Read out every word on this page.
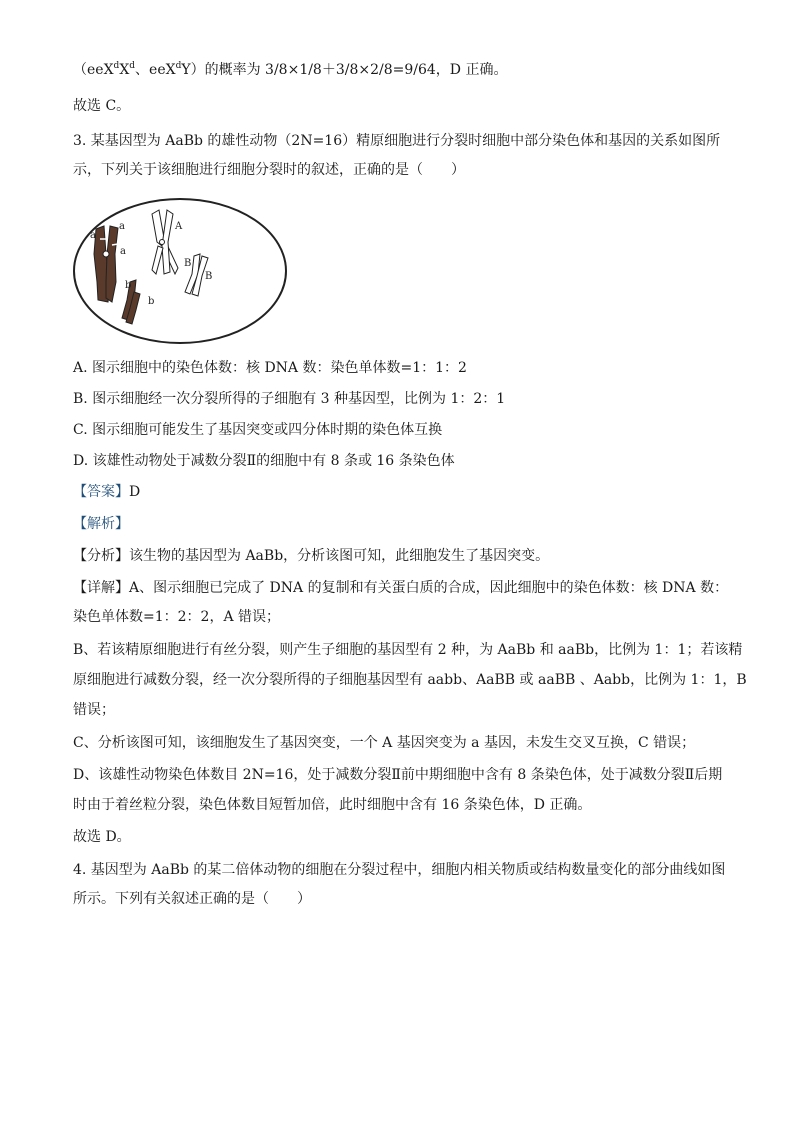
（$eeX^dX^d$、eeX$^d$Y）的概率为 3/8×1/8＋3/8×2/8=9/64，D 正确。
故选 C。
3. 某基因型为 AaBb 的雄性动物（2N=16）精原细胞进行分裂时细胞中部分染色体和基因的关系如图所
示，下列关于该细胞进行细胞分裂时的叙述，正确的是（　　）
a
a	A
a
B
B
b
b
A. 图示细胞中的染色体数：核 DNA 数：染色单体数=1：1：2
B. 图示细胞经一次分裂所得的子细胞有 3 种基因型，比例为 1：2：1
C. 图示细胞可能发生了基因突变或四分体时期的染色体互换
D. 该雄性动物处于减数分裂Ⅱ的细胞中有 8 条或 16 条染色体
【答案】D
【解析】
【分析】该生物的基因型为 AaBb，分析该图可知，此细胞发生了基因突变。
【详解】A、图示细胞已完成了 DNA 的复制和有关蛋白质的合成，因此细胞中的染色体数：核 DNA 数：
染色单体数=1：2：2，A 错误；
B、若该精原细胞进行有丝分裂，则产生子细胞的基因型有 2 种，为 AaBb 和 aaBb，比例为 1：1；若该精
原细胞进行减数分裂，经一次分裂所得的子细胞基因型有 aabb、AaBB 或 aaBB 、Aabb，比例为 1：1，B
错误；
C、分析该图可知，该细胞发生了基因突变，一个 A 基因突变为 a 基因，未发生交叉互换，C 错误；
D、该雄性动物染色体数目 2N=16，处于减数分裂Ⅱ前中期细胞中含有 8 条染色体，处于减数分裂Ⅱ后期
时由于着丝粒分裂，染色体数目短暂加倍，此时细胞中含有 16 条染色体，D 正确。
故选 D。
4. 基因型为 AaBb 的某二倍体动物的细胞在分裂过程中，细胞内相关物质或结构数量变化的部分曲线如图
所示。下列有关叙述正确的是（　　）
